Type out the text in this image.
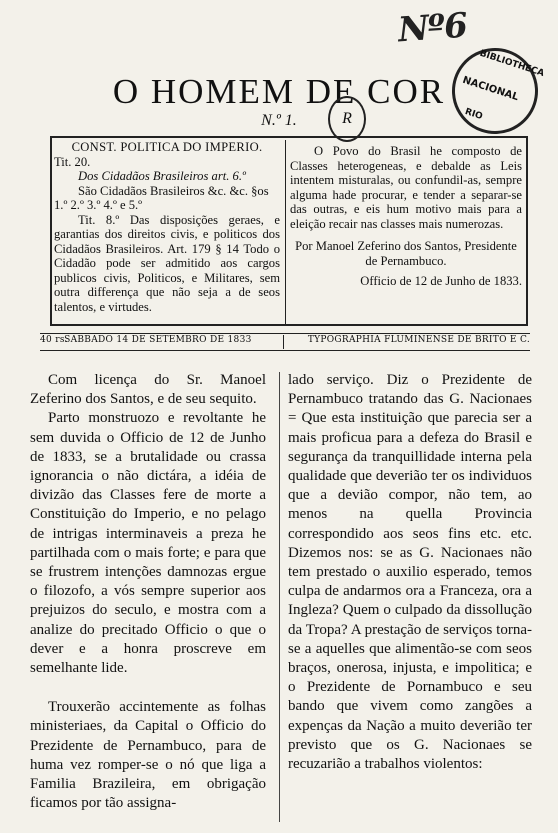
Nº6
BIBLIOTHECA
NACIONAL
RIO
O HOMEM DE COR
R
N.º 1.

CONST. POLITICA DO IMPERIO.

Tit. 20.

Dos Cidadãos Brasileiros art. 6.º

São Cidadãos Brasileiros &c. &c. §os

1.º 2.º 3.º 4.º e 5.º

Tit. 8.º Das disposições geraes, e garantias dos direitos civis, e politicos dos Cidadãos Brasileiros. Art. 179 § 14 Todo o Cidadão pode ser admitido aos cargos publicos civis, Politicos, e Militares, sem outra differença que não seja a de seos talentos, e virtudes.

O Povo do Brasil he composto de Classes heterogeneas, e debalde as Leis intentem misturalas, ou confundil-as, sempre alguma hade procurar, e tender a separar-se das outras, e eis hum motivo mais para a eleição recair nas classes mais numerozas.

Por Manoel Zeferino dos Santos, Presidente de Pernambuco.

Officio de 12 de Junho de 1833.

40 rs.
SABBADO 14 DE SETEMBRO DE 1833	TYPOGRAPHIA FLUMINENSE DE BRITO E C.

Com licença do Sr. Manoel Zeferino dos Santos, e de seu sequito.

Parto monstruozo e revoltante he sem duvida o Officio de 12 de Junho de 1833, se a brutalidade ou crassa ignorancia o não dictára, a idéia de divizão das Classes fere de morte a Constituição do Imperio, e no pelago de intrigas interminaveis a preza he partilhada com o mais forte; e para que se frustrem intenções damnozas ergue o filozofo, a vós sempre superior aos prejuizos do seculo, e mostra com a analize do precitado Officio o que o dever e a honra proscreve em semelhante lide.

Trouxerão accintemente as folhas ministeriaes, da Capital o Officio do Prezidente de Pernambuco, para de huma vez romper-se o nó que liga a Familia Brazileira, em obrigação ficamos por tão assigna-

lado serviço. Diz o Prezidente de Pernambuco tratando das G. Nacionaes = Que esta instituição que parecia ser a mais proficua para a defeza do Brasil e segurança da tranquillidade interna pela qualidade que deverião ter os individuos que a devião compor, não tem, ao menos na quella Provincia correspondido aos seos fins etc. etc. Dizemos nos: se as G. Nacionaes não tem prestado o auxilio esperado, temos culpa de andarmos ora a Franceza, ora a Ingleza? Quem o culpado da dissollução da Tropa? A prestação de serviços torna-se a aquelles que alimentão-se com seos braços, onerosa, injusta, e impolitica; e o Prezidente de Pornambuco e seu bando que vivem como zangões a expenças da Nação a muito deverião ter previsto que os G. Nacionaes se recuzarião a trabalhos violentos:
